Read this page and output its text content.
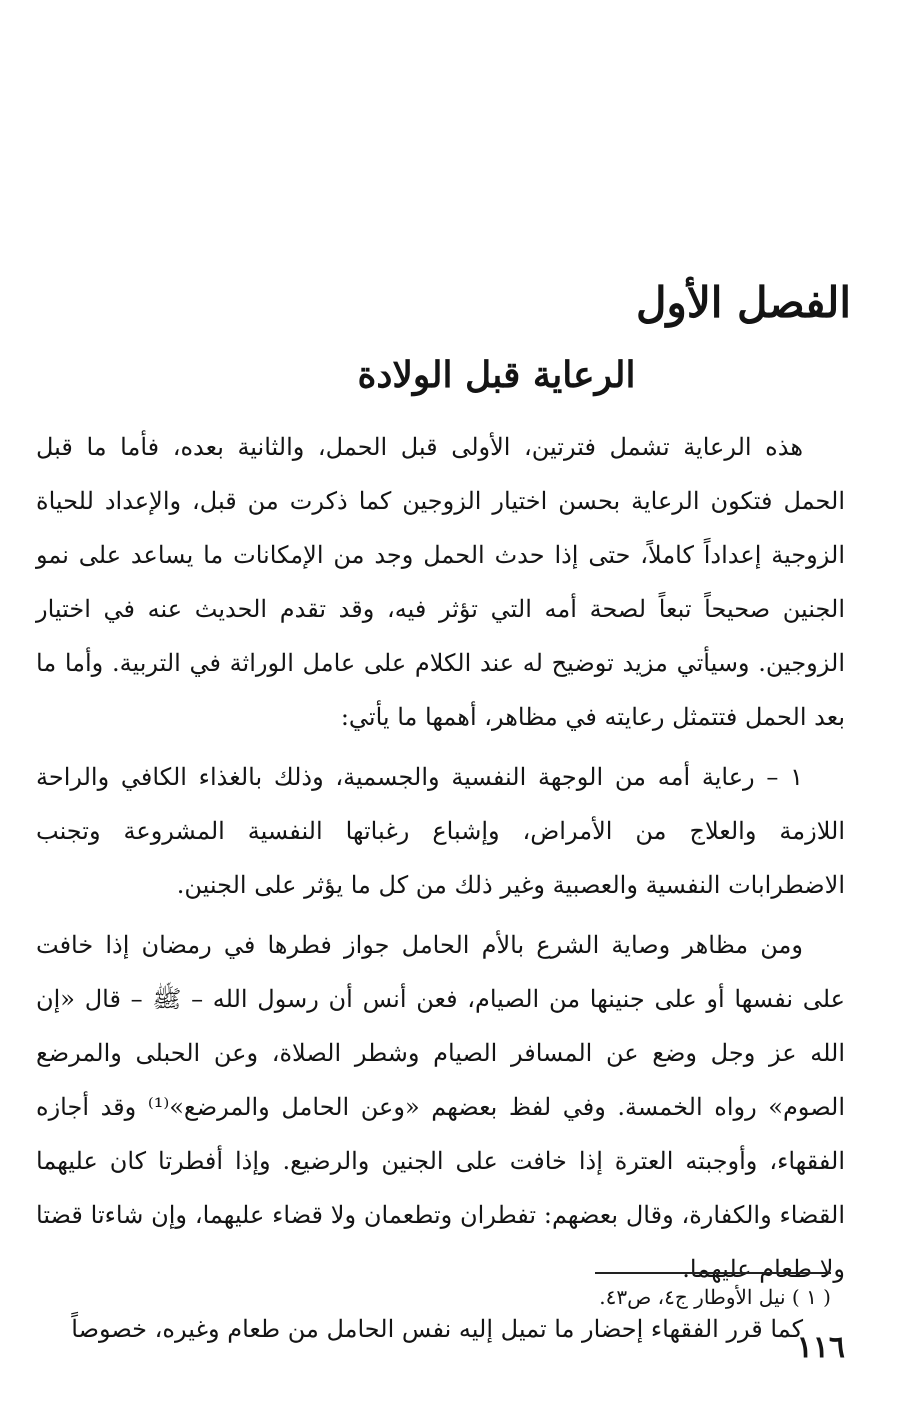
الفصل الأول
الرعاية قبل الولادة

هذه الرعاية تشمل فترتين، الأولى قبل الحمل، والثانية بعده، فأما ما قبل الحمل فتكون الرعاية بحسن اختيار الزوجين كما ذكرت من قبل، والإعداد للحياة الزوجية إعداداً كاملاً، حتى إذا حدث الحمل وجد من الإمكانات ما يساعد على نمو الجنين صحيحاً تبعاً لصحة أمه التي تؤثر فيه، وقد تقدم الحديث عنه في اختيار الزوجين. وسيأتي مزيد توضيح له عند الكلام على عامل الوراثة في التربية. وأما ما بعد الحمل فتتمثل رعايته في مظاهر، أهمها ما يأتي:

١ – رعاية أمه من الوجهة النفسية والجسمية، وذلك بالغذاء الكافي والراحة اللازمة والعلاج من الأمراض، وإشباع رغباتها النفسية المشروعة وتجنب الاضطرابات النفسية والعصبية وغير ذلك من كل ما يؤثر على الجنين.

ومن مظاهر وصاية الشرع بالأم الحامل جواز فطرها في رمضان إذا خافت على نفسها أو على جنينها من الصيام، فعن أنس أن رسول الله – ﷺ – قال «إن الله عز وجل وضع عن المسافر الصيام وشطر الصلاة، وعن الحبلى والمرضع الصوم» رواه الخمسة. وفي لفظ بعضهم «وعن الحامل والمرضع»⁽¹⁾ وقد أجازه الفقهاء، وأوجبته العترة إذا خافت على الجنين والرضيع. وإذا أفطرتا كان عليهما القضاء والكفارة، وقال بعضهم: تفطران وتطعمان ولا قضاء عليهما، وإن شاءتا قضتا ولا طعام عليهما.

كما قرر الفقهاء إحضار ما تميل إليه نفس الحامل من طعام وغيره، خصوصاً

( ١ ) نيل الأوطار ج٤، ص٤٣.

١١٦
